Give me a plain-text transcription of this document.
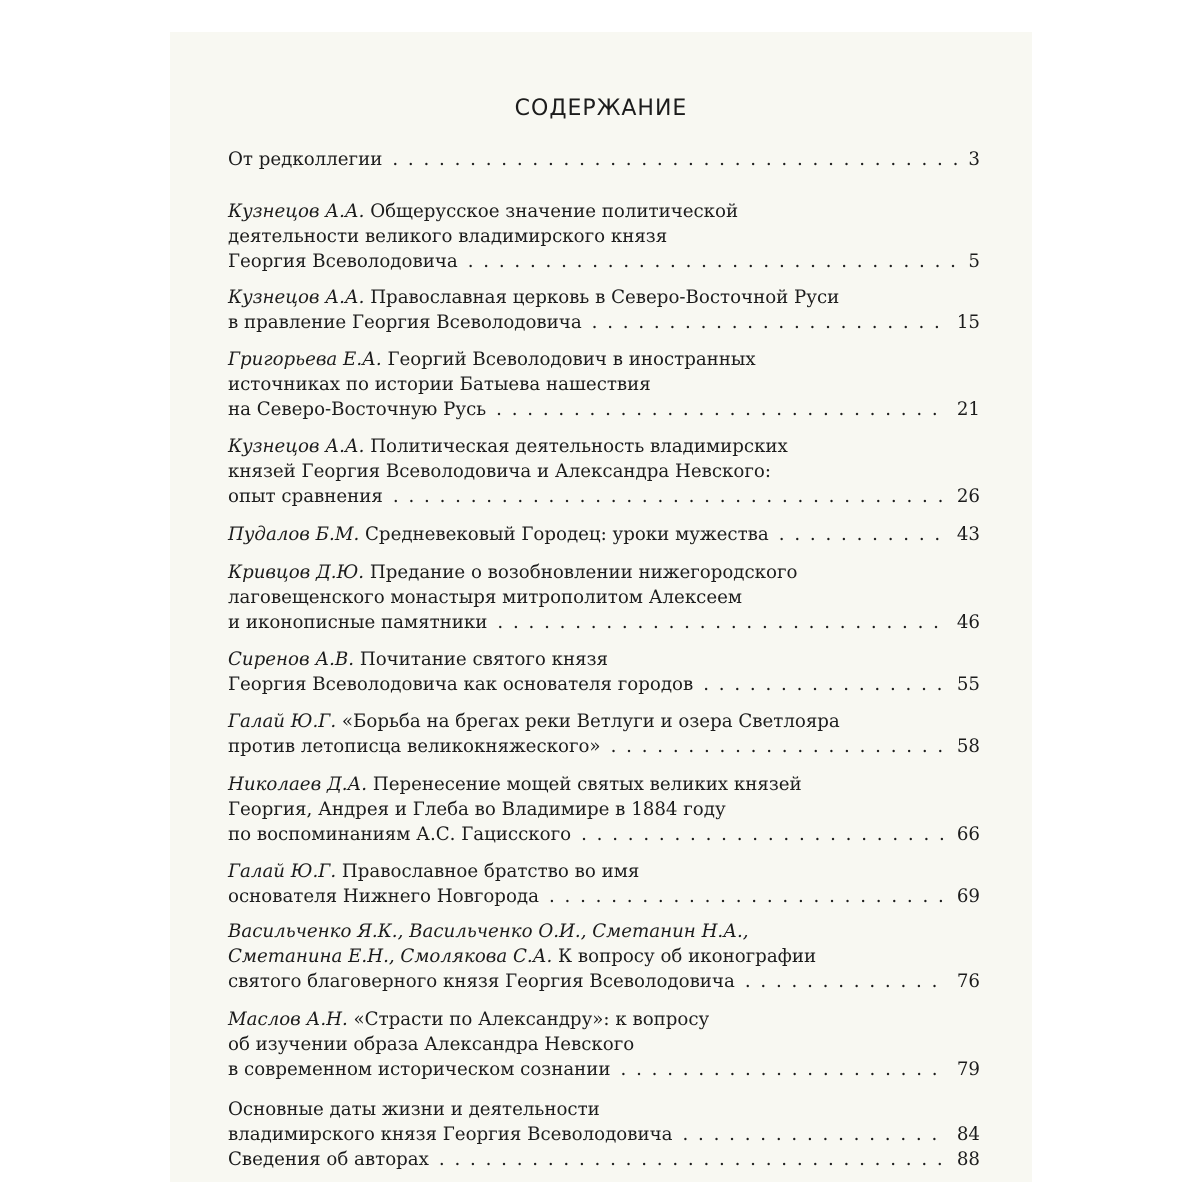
СОДЕРЖАНИЕ
От редколлегии . . .	3
Кузнецов А.А. Общерусское значение политической
деятельности великого владимирского князя
Георгия Всеволодовича . . .	5
Кузнецов А.А. Православная церковь в Северо-Восточной Руси
в правление Георгия Всеволодовича . . .	15
Григорьева Е.А. Георгий Всеволодович в иностранных
источниках по истории Батыева нашествия
на Северо-Восточную Русь . . .	21
Кузнецов А.А. Политическая деятельность владимирских
князей Георгия Всеволодовича и Александра Невского:
опыт сравнения . . .	26
Пудалов Б.М. Средневековый Городец: уроки мужества . . .	43
Кривцов Д.Ю. Предание о возобновлении нижегородского
лаговещенского монастыря митрополитом Алексеем
и иконописные памятники . . .	46
Сиренов А.В. Почитание святого князя
Георгия Всеволодовича как основателя городов . . .	55
Галай Ю.Г. «Борьба на брегах реки Ветлуги и озера Светлояра
против летописца великокняжеского» . . .	58
Николаев Д.А. Перенесение мощей святых великих князей
Георгия, Андрея и Глеба во Владимире в 1884 году
по воспоминаниям А.С. Гацисского . . .	66
Галай Ю.Г. Православное братство во имя
основателя Нижнего Новгорода . . .	69
Васильченко Я.К., Васильченко О.И., Сметанин Н.А.,
Сметанина Е.Н., Смолякова С.А. К вопросу об иконографии
святого благоверного князя Георгия Всеволодовича . . .	76
Маслов А.Н. «Страсти по Александру»: к вопросу
об изучении образа Александра Невского
в современном историческом сознании . . .	79
Основные даты жизни и деятельности
владимирского князя Георгия Всеволодовича . . .	84
Сведения об авторах . . .	88
